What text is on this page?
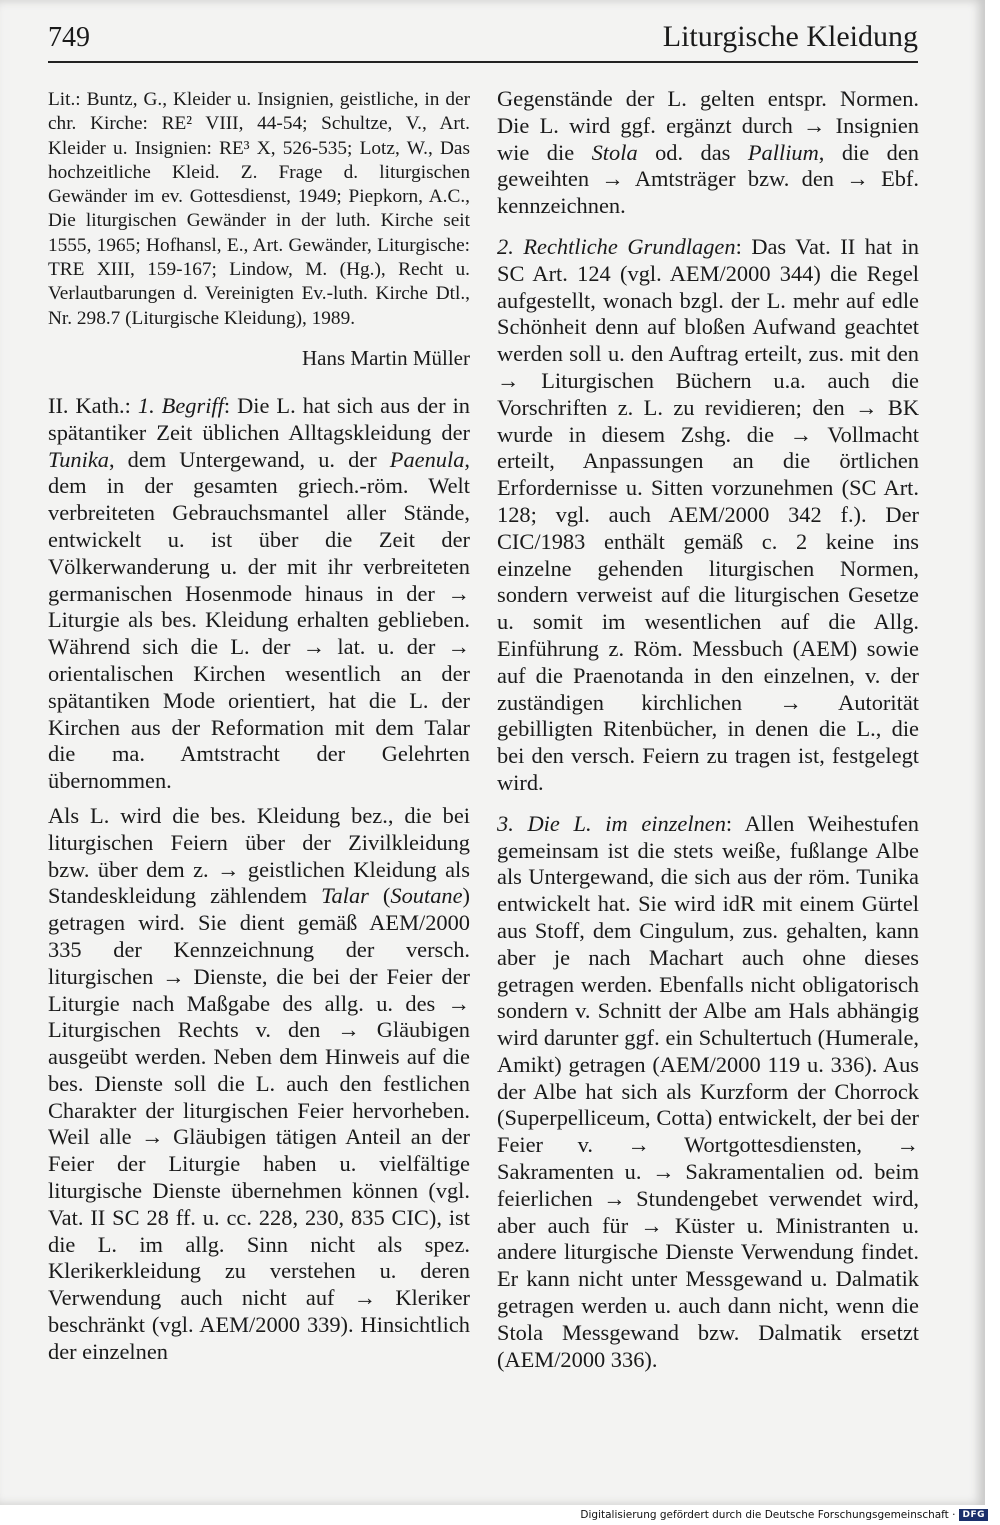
749	Liturgische Kleidung

Lit.: Buntz, G., Kleider u. Insignien, geistliche, in der chr. Kirche: RE² VIII, 44-54; Schultze, V., Art. Kleider u. Insignien: RE³ X, 526-535; Lotz, W., Das hochzeitliche Kleid. Z. Frage d. liturgischen Gewänder im ev. Gottesdienst, 1949; Piepkorn, A.C., Die liturgischen Gewänder in der luth. Kirche seit 1555, 1965; Hofhansl, E., Art. Gewänder, Liturgische: TRE XIII, 159-167; Lindow, M. (Hg.), Recht u. Verlautbarungen d. Vereinigten Ev.-luth. Kirche Dtl., Nr. 298.7 (Liturgische Kleidung), 1989.

Hans Martin Müller

II. Kath.: 1. Begriff: Die L. hat sich aus der in spätantiker Zeit üblichen Alltagskleidung der Tunika, dem Untergewand, u. der Paenula, dem in der gesamten griech.-röm. Welt verbreiteten Gebrauchsmantel aller Stände, entwickelt u. ist über die Zeit der Völkerwanderung u. der mit ihr verbreiteten germanischen Hosenmode hinaus in der → Liturgie als bes. Kleidung erhalten geblieben. Während sich die L. der → lat. u. der → orientalischen Kirchen wesentlich an der spätantiken Mode orientiert, hat die L. der Kirchen aus der Reformation mit dem Talar die ma. Amtstracht der Gelehrten übernommen.

Als L. wird die bes. Kleidung bez., die bei liturgischen Feiern über der Zivilkleidung bzw. über dem z. → geistlichen Kleidung als Standeskleidung zählendem Talar (Soutane) getragen wird. Sie dient gemäß AEM/2000 335 der Kennzeichnung der versch. liturgischen → Dienste, die bei der Feier der Liturgie nach Maßgabe des allg. u. des → Liturgischen Rechts v. den → Gläubigen ausgeübt werden. Neben dem Hinweis auf die bes. Dienste soll die L. auch den festlichen Charakter der liturgischen Feier hervorheben. Weil alle → Gläubigen tätigen Anteil an der Feier der Liturgie haben u. vielfältige liturgische Dienste übernehmen können (vgl. Vat. II SC 28 ff. u. cc. 228, 230, 835 CIC), ist die L. im allg. Sinn nicht als spez. Klerikerkleidung zu verstehen u. deren Verwendung auch nicht auf → Kleriker beschränkt (vgl. AEM/2000 339). Hinsichtlich der einzelnen

Gegenstände der L. gelten entspr. Normen. Die L. wird ggf. ergänzt durch → Insignien wie die Stola od. das Pallium, die den geweihten → Amtsträger bzw. den → Ebf. kennzeichnen.

2. Rechtliche Grundlagen: Das Vat. II hat in SC Art. 124 (vgl. AEM/2000 344) die Regel aufgestellt, wonach bzgl. der L. mehr auf edle Schönheit denn auf bloßen Aufwand geachtet werden soll u. den Auftrag erteilt, zus. mit den → Liturgischen Büchern u.a. auch die Vorschriften z. L. zu revidieren; den → BK wurde in diesem Zshg. die → Vollmacht erteilt, Anpassungen an die örtlichen Erfordernisse u. Sitten vorzunehmen (SC Art. 128; vgl. auch AEM/2000 342 f.). Der CIC/1983 enthält gemäß c. 2 keine ins einzelne gehenden liturgischen Normen, sondern verweist auf die liturgischen Gesetze u. somit im wesentlichen auf die Allg. Einführung z. Röm. Messbuch (AEM) sowie auf die Praenotanda in den einzelnen, v. der zuständigen kirchlichen → Autorität gebilligten Ritenbücher, in denen die L., die bei den versch. Feiern zu tragen ist, festgelegt wird.

3. Die L. im einzelnen: Allen Weihestufen gemeinsam ist die stets weiße, fußlange Albe als Untergewand, die sich aus der röm. Tunika entwickelt hat. Sie wird idR mit einem Gürtel aus Stoff, dem Cingulum, zus. gehalten, kann aber je nach Machart auch ohne dieses getragen werden. Ebenfalls nicht obligatorisch sondern v. Schnitt der Albe am Hals abhängig wird darunter ggf. ein Schultertuch (Humerale, Amikt) getragen (AEM/2000 119 u. 336). Aus der Albe hat sich als Kurzform der Chorrock (Superpelliceum, Cotta) entwickelt, der bei der Feier v. → Wortgottesdiensten, → Sakramenten u. → Sakramentalien od. beim feierlichen → Stundengebet verwendet wird, aber auch für → Küster u. Ministranten u. andere liturgische Dienste Verwendung findet. Er kann nicht unter Messgewand u. Dalmatik getragen werden u. auch dann nicht, wenn die Stola Messgewand bzw. Dalmatik ersetzt (AEM/2000 336).

Digitalisierung gefördert durch die Deutsche Forschungsgemeinschaft · DFG
